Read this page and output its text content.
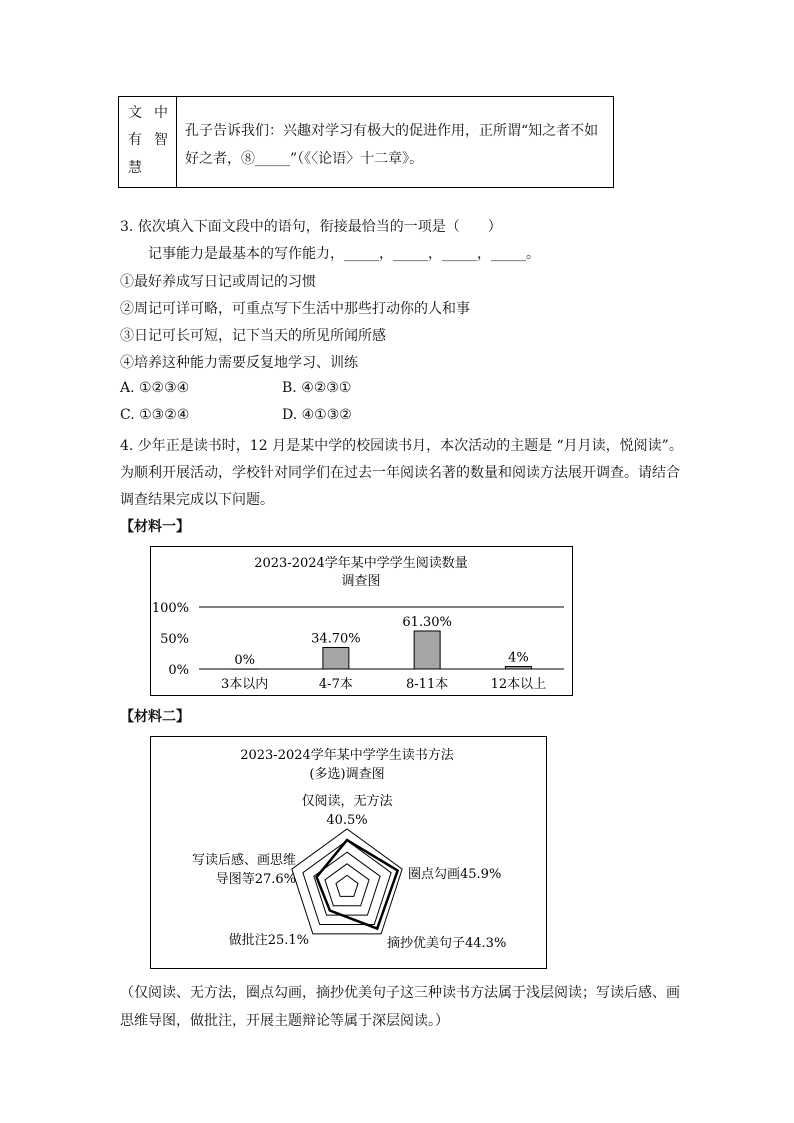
文 中
有 智
慧
孔子告诉我们：兴趣对学习有极大的促进作用，正所谓“知之者不如
好之者，⑧_____”（《〈论语〉十二章》。
3. 依次填入下面文段中的语句，衔接最恰当的一项是（　　）
记事能力是最基本的写作能力，_____，_____，_____，_____。
①最好养成写日记或周记的习惯
②周记可详可略，可重点写下生活中那些打动你的人和事
③日记可长可短，记下当天的所见所闻所感
④培养这种能力需要反复地学习、训练
A. ①②③④	B. ④②③①
C. ①③②④	D. ④①③②
4. 少年正是读书时，12 月是某中学的校园读书月，本次活动的主题是 “月月读，悦阅读”。
为顺利开展活动，学校针对同学们在过去一年阅读名著的数量和阅读方法展开调查。请结合
调查结果完成以下问题。
【材料一】
2023-2024学年某中学学生阅读数量
调查图
100%
50%
0%
0%
34.70%
61.30%
4%
3本以内	4-7本	8-11本	12本以上
【材料二】
2023-2024学年某中学学生读书方法
(多选)调查图
仅阅读，无方法
40.5%
圈点勾画45.9%
摘抄优美句子44.3%
做批注25.1%
写读后感、画思维
导图等27.6%
（仅阅读、无方法，圈点勾画，摘抄优美句子这三种读书方法属于浅层阅读；写读后感、画
思维导图，做批注，开展主题辩论等属于深层阅读。）
